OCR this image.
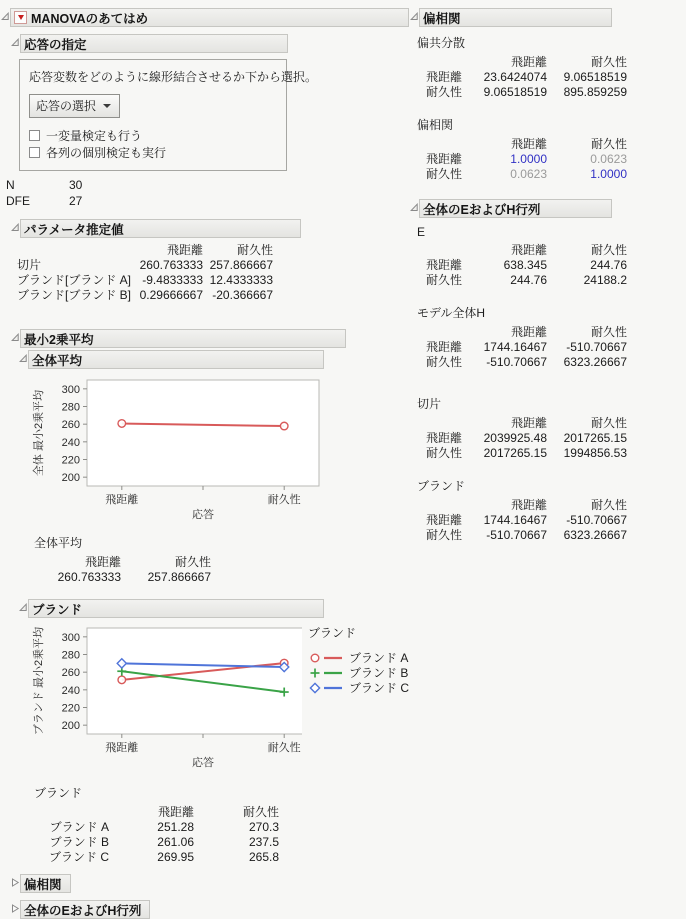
MANOVAのあてはめ
応答の指定
応答変数をどのように線形結合させるか下から選択。
応答の選択
一変量検定も行う
各列の個別検定も実行
N	30
DFE	27
パラメータ推定値
飛距離	耐久性
切片	260.763333 257.866667
ブランド[ブランド A] -9.4833333 12.4333333
ブランド[ブランド B] 0.29666667 -20.366667
最小2乗平均
全体平均
200
220
240
260
280
300
飛距離	耐久性
応答
全体 最小2乗平均
全体平均
飛距離	耐久性
260.763333	257.866667
ブランド
200
220
240
260
280
300
飛距離	耐久性
応答
ブランド 最小2乗平均	ブランド
ブランド A
ブランド B
ブランド C
ブランド
飛距離	耐久性
ブランド A	251.28	270.3
ブランド B	261.06	237.5
ブランド C	269.95	265.8
偏相関
全体のEおよびH行列
偏相関
偏共分散
飛距離	耐久性
飛距離	23.6424074	9.06518519
耐久性	9.06518519	895.859259
偏相関
飛距離	耐久性
飛距離	1.0000	0.0623
耐久性	0.0623	1.0000
全体のEおよびH行列
E
飛距離	耐久性
飛距離	638.345	244.76
耐久性	244.76	24188.2
モデル全体H
飛距離	耐久性
飛距離	1744.16467	-510.70667
耐久性	-510.70667	6323.26667
切片
飛距離	耐久性
飛距離	2039925.48	2017265.15
耐久性	2017265.15	1994856.53
ブランド
飛距離	耐久性
飛距離	1744.16467	-510.70667
耐久性	-510.70667	6323.26667
